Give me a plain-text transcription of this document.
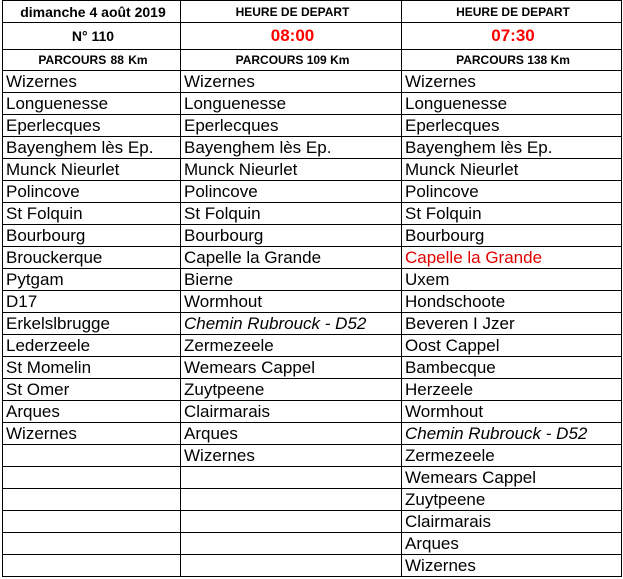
dimanche 4 août 2019	HEURE DE DEPART	HEURE DE DEPART
N° 110	08:00	07:30
PARCOURS 88 Km	PARCOURS 109 Km	PARCOURS 138 Km
Wizernes	Wizernes	Wizernes
Longuenesse	Longuenesse	Longuenesse
Eperlecques	Eperlecques	Eperlecques
Bayenghem lès Ep.	Bayenghem lès Ep.	Bayenghem lès Ep.
Munck Nieurlet	Munck Nieurlet	Munck Nieurlet
Polincove	Polincove	Polincove
St Folquin	St Folquin	St Folquin
Bourbourg	Bourbourg	Bourbourg
Brouckerque	Capelle la Grande	Capelle la Grande
Pytgam	Bierne	Uxem
D17	Wormhout	Hondschoote
Erkelslbrugge	Chemin Rubrouck - D52	Beveren I Jzer
Lederzeele	Zermezeele	Oost Cappel
St Momelin	Wemears Cappel	Bambecque
St Omer	Zuytpeene	Herzeele
Arques	Clairmarais	Wormhout
Wizernes	Arques	Chemin Rubrouck - D52
	Wizernes	Zermezeele
		Wemears Cappel
		Zuytpeene
		Clairmarais
		Arques
		Wizernes
